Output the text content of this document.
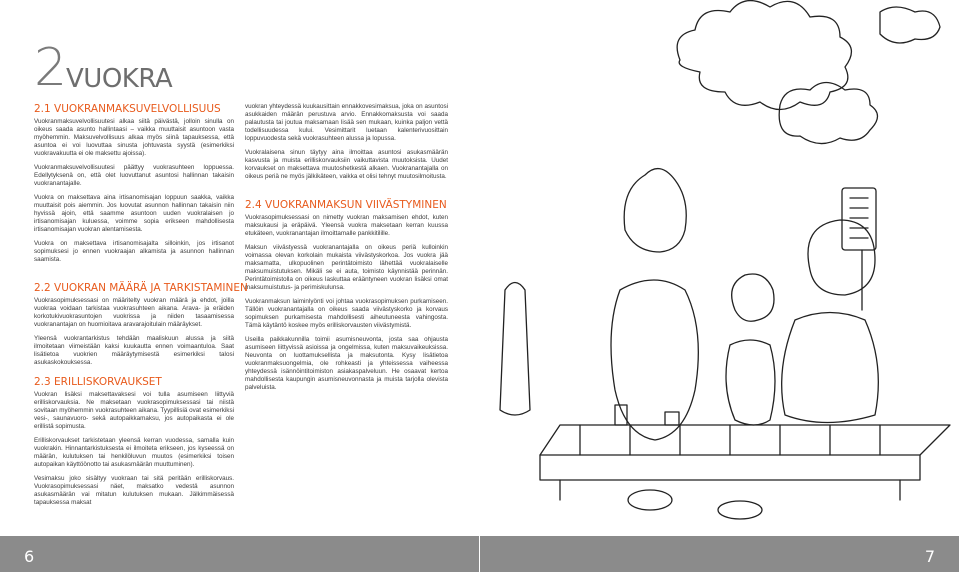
2 VUOKRA
2.1 VUOKRANMAKSUVELVOLLISUUS

Vuokranmaksuvelvollisuutesi alkaa siitä päivästä, jolloin sinulla on oikeus saada asunto hallintaasi – vaikka muuttaisit asuntoon vasta myöhemmin. Maksuvelvollisuus alkaa myös siinä tapauksessa, että asuntoa ei voi luovuttaa sinusta johtuvasta syystä (esimerkiksi vuokravakuutta ei ole maksettu ajoissa).

Vuokranmaksuvelvollisuutesi päättyy vuokrasuhteen loppuessa. Edellytyksenä on, että olet luovuttanut asuntosi hallinnan takaisin vuokranantajalle.

Vuokra on maksettava aina irtisanomisajan loppuun saakka, vaikka muuttaisit pois aiemmin. Jos luovutat asunnon hallinnan takaisin niin hyvissä ajoin, että saamme asuntoon uuden vuokralaisen jo irtisanomisajan kuluessa, voimme sopia erikseen mahdollisesta irtisanomisajan vuokran alentamisesta.

Vuokra on maksettava irtisanomisajalta silloinkin, jos irtisanot sopimuksesi jo ennen vuokraajan alkamista ja asunnon hallinnan saamista.

2.2 VUOKRAN MÄÄRÄ JA TARKISTAMINEN

Vuokrasopimuksessasi on määritelty vuokran määrä ja ehdot, joilla vuokraa voidaan tarkistaa vuokrasuhteen aikana. Arava- ja eräiden korkotukivuokrasuntojen vuokrissa ja niiden tasaamisessa vuokranantajan on huomioitava aravarajoitulain määräykset.

Yleensä vuokrantarkistus tehdään maaliskuun alussa ja siitä ilmoitetaan viimeistään kaksi kuukautta ennen voimaantuloa. Saat lisätietoa vuokrien määräytymisestä esimerkiksi talosi asukaskokouksessa.

2.3 ERILLISKORVAUKSET

Vuokran lisäksi maksettavaksesi voi tulla asumiseen liittyviä erilliskorvauksia. Ne maksetaan vuokrasopimuksessasi tai niistä sovitaan myöhemmin vuokrasuhteen aikana. Tyypillisiä ovat esimerkiksi vesi-, saunavuoro- sekä autopaikkamaksu, jos autopaikasta ei ole erillistä sopimusta.

Erilliskorvaukset tarkistetaan yleensä kerran vuodessa, samalla kuin vuokrakin. Hinnantarkistuksesta ei ilmoiteta erikseen, jos kyseessä on määrän, kulutuksen tai henkilöluvun muutos (esimerkiksi toisen autopaikan käyttöönotto tai asukasmäärän muuttuminen).

Vesimaksu joko sisältyy vuokraan tai sitä peritään erilliskorvaus. Vuokrasopimuksessasi näet, maksatko vedestä asunnon asukasmäärän vai mitatun kulutuksen mukaan. Jälkimmäisessä tapauksessa maksat

vuokran yhteydessä kuukausittain ennakkovesimaksua, joka on asuntosi asukkaiden määrän perustuva arvio. Ennakkomaksusta voi saada palautusta tai joutua maksamaan lisää sen mukaan, kuinka paljon vettä todellisuudessa kului. Vesimittarit luetaan kalenterivuosittain loppuvuodesta sekä vuokrasuhteen alussa ja lopussa.

Vuokralaisena sinun täytyy aina ilmoittaa asuntosi asukasmäärän kasvusta ja muista erilliskorvauksiin vaikuttavista muutoksista. Uudet korvaukset on maksettava muutoshetkestä alkaen. Vuokranantajalla on oikeus periä ne myös jälkikäteen, vaikka et olisi tehnyt muutosilmoitusta.

2.4 VUOKRANMAKSUN VIIVÄSTYMINEN

Vuokrasopimuksessasi on nimetty vuokran maksamisen ehdot, kuten maksukausi ja eräpäivä. Yleensä vuokra maksetaan kerran kuussa etukäteen, vuokranantajan ilmoittamalle pankkitilille.

Maksun viivästyessä vuokranantajalla on oikeus periä kulloinkin voimassa olevan korkolain mukaista viivästyskorkoa. Jos vuokra jää maksamatta, ulkopuolinen perintätoimisto lähettää vuokralaiselle maksumuistutuksen. Mikäli se ei auta, toimisto käynnistää perinnän. Perintätoimistolla on oikeus laskuttaa erääntyneen vuokran lisäksi omat maksumuistutus- ja perimiskulunsa.

Vuokranmaksun laiminlyönti voi johtaa vuokrasopimuksen purkamiseen. Tällöin vuokranantajalla on oikeus saada viivästyskorko ja korvaus sopimuksen purkamisesta mahdollisesti aiheutuneesta vahingosta. Tämä käytäntö koskee myös erilliskorvausten viivästymistä.

Useilla paikkakunnilla toimii asumisneuvonta, josta saa ohjausta asumiseen liittyvissä asioissa ja ongelmissa, kuten maksuvaikeuksissa. Neuvonta on luottamuksellista ja maksutonta. Kysy lisätietoa vuokranmaksuongelmia, ole rohkeasti ja yhteissessa vaiheessa yhteydessä isännöintitoimiston asiakaspalveluun. He osaavat kertoa mahdollisesta kaupungin asumisneuvonnasta ja muista tarjolla olevista palveluista.

6	7
